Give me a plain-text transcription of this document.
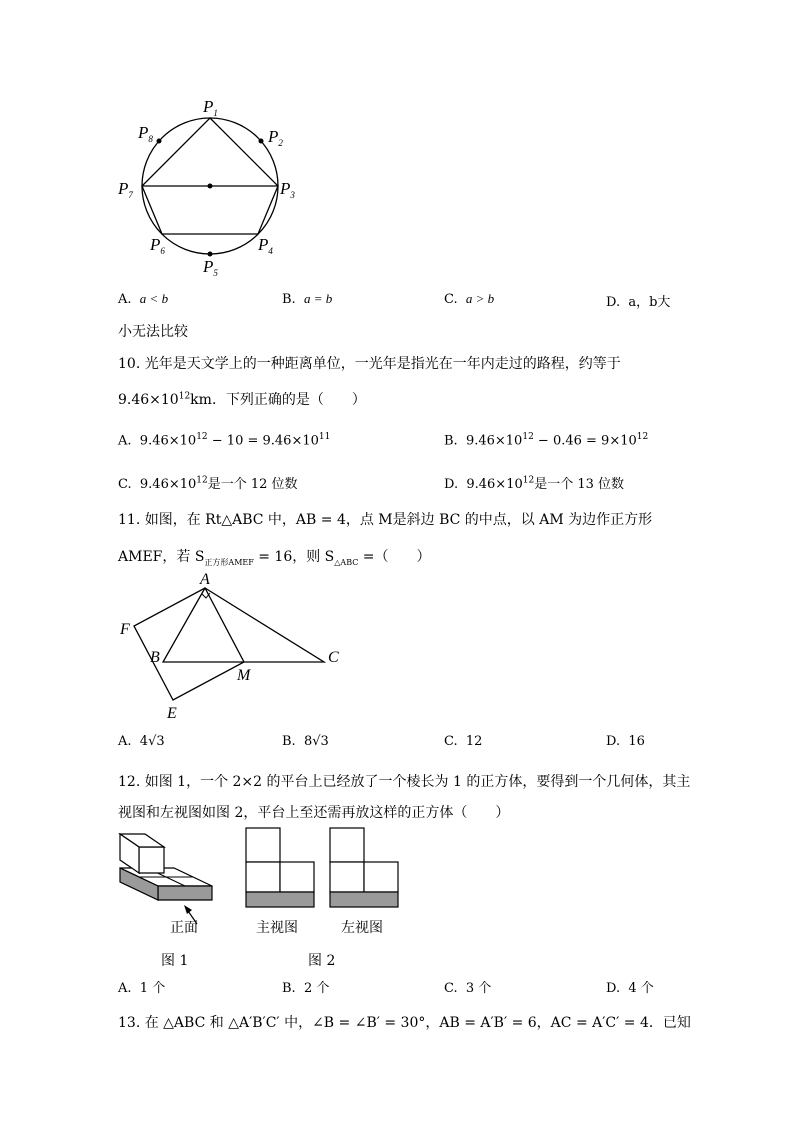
$P_1$
$P_2$
$P_3$
$P_4$
$P_5$
$P_6$
$P_7$
$P_8$
A. a < b	B. a = b	C. a > b	D. a，b大
小无法比较
10. 光年是天文学上的一种距离单位，一光年是指光在一年内走过的路程，约等于
$9.46\times 10^{12}km$．下列正确的是（　　）
A. $9.46\times 10^{12} - 10 = 9.46\times 10^{11}$	B. $9.46\times 10^{12} - 0.46 = 9\times 10^{12}$
C. $9.46\times 10^{12}$是一个 12 位数	D. $9.46\times 10^{12}$是一个 13 位数
11. 如图，在 Rt△ABC 中，AB = 4，点 M是斜边 BC 的中点，以 AM 为边作正方形
AMEF，若 $S_{正方形AMEF} = 16$，则 $S_{\triangle ABC}$ =（　　）
A
F
B
M
C
E
A. 4√3	B. 8√3	C. 12	D. 16
12. 如图 1，一个 2×2 的平台上已经放了一个棱长为 1 的正方体，要得到一个几何体，其主
视图和左视图如图 2，平台上至还需再放这样的正方体（　　）
正面	主视图	左视图
图 1	图 2
A. 1 个	B. 2 个	C. 3 个	D. 4 个
13. 在 △ABC 和 △A′B′C′ 中，∠B = ∠B′ = 30°，AB = A′B′ = 6，AC = A′C′ = 4．已知
